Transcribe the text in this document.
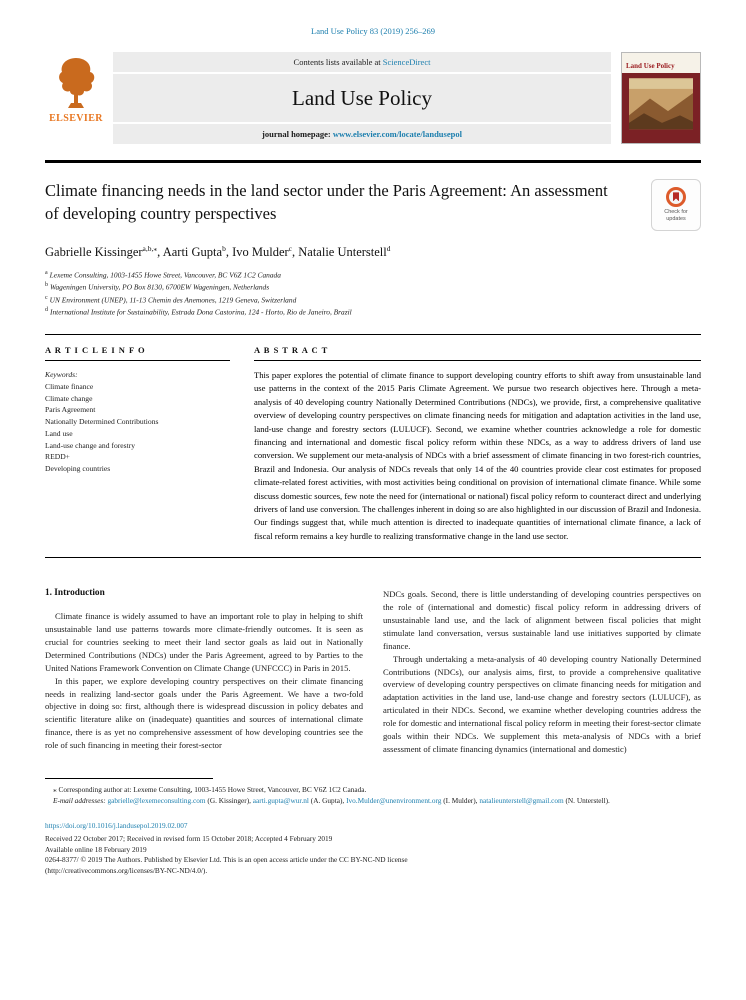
Land Use Policy 83 (2019) 256–269
ELSEVIER
Contents lists available at ScienceDirect
Land Use Policy
journal homepage: www.elsevier.com/locate/landusepol
Land Use Policy
Climate financing needs in the land sector under the Paris Agreement: An assessment of developing country perspectives	Check for
updates

Gabrielle Kissinger$^{a,b,⁎}$, Aarti Gupta$^b$, Ivo Mulder$^c$, Natalie Unterstell$^d$

$^a$ Lexeme Consulting, 1003-1455 Howe Street, Vancouver, BC V6Z 1C2 Canada
$^b$ Wageningen University, PO Box 8130, 6700EW Wageningen, Netherlands
$^c$ UN Environment (UNEP), 11-13 Chemin des Anemones, 1219 Geneva, Switzerland
$^d$ International Institute for Sustainability, Estrada Dona Castorina, 124 - Horto, Rio de Janeiro, Brazil
A R T I C L E I N F O
Keywords:
Climate finance
Climate change
Paris Agreement
Nationally Determined Contributions
Land use
Land-use change and forestry
REDD+
Developing countries
A B S T R A C T

This paper explores the potential of climate finance to support developing country efforts to shift away from unsustainable land use patterns in the context of the 2015 Paris Climate Agreement. We pursue two research objectives here. Through a meta-analysis of 40 developing country Nationally Determined Contributions (NDCs), we provide, first, a comprehensive qualitative overview of developing country perspectives on climate financing needs for mitigation and adaptation activities in the land use, land-use change and forestry sectors (LULUCF). Second, we examine whether countries acknowledge a role for domestic financing and international and domestic fiscal policy reform within these NDCs, as a way to address drivers of land use conversion. We supplement our meta-analysis of NDCs with a brief assessment of climate financing in two forest-rich countries, Brazil and Indonesia. Our analysis of NDCs reveals that only 14 of the 40 countries provide clear cost estimates for proposed climate-related forest activities, with most activities being conditional on provision of international climate finance. While some discuss domestic sources, few note the need for (international or national) fiscal policy reform to counteract direct and underlying drivers of land use conversion. The challenges inherent in doing so are also highlighted in our discussion of Brazil and Indonesia. Our findings suggest that, while much attention is directed to inadequate quantities of international climate finance, a lack of fiscal reform remains a key hurdle to realizing transformative change in the land use sector.

1. Introduction

Climate finance is widely assumed to have an important role to play in helping to shift unsustainable land use patterns towards more climate-friendly outcomes. It is seen as crucial for countries seeking to meet their land sector goals as laid out in Nationally Determined Contributions (NDCs) under the Paris Agreement, agreed to by Parties to the United Nations Framework Convention on Climate Change (UNFCCC) in Paris in 2015.

In this paper, we explore developing country perspectives on their climate financing needs in realizing land-sector goals under the Paris Agreement. We have a two-fold objective in doing so: first, although there is widespread discussion in policy debates and scientific literature alike on (inadequate) quantities and sources of international climate finance, there is as yet no comprehensive assessment of how developing countries see the role of such financing in meeting their forest-sector

NDCs goals. Second, there is little understanding of developing countries perspectives on the role of (international and domestic) fiscal policy reform in addressing drivers of unsustainable land use, and the lack of alignment between fiscal policies that might stimulate land conversation, versus sustainable land use initiatives supported by climate finance.

Through undertaking a meta-analysis of 40 developing country Nationally Determined Contributions (NDCs), our analysis aims, first, to provide a comprehensive qualitative overview of developing country perspectives on climate financing needs for mitigation and adaptation activities in the land use, land-use change and forestry sectors (LULUCF), as articulated in their NDCs. Second, we examine whether developing countries address the role for domestic and international fiscal policy reform in meeting their forest-sector climate goals within their NDCs. We supplement this meta-analysis of NDCs with a brief assessment of climate financing dynamics (international and domestic)

⁎ Corresponding author at: Lexeme Consulting, 1003-1455 Howe Street, Vancouver, BC V6Z 1C2 Canada.

E-mail addresses: gabrielle@lexemeconsulting.com (G. Kissinger), aarti.gupta@wur.nl (A. Gupta), Ivo.Mulder@unenvironment.org (I. Mulder), natalieunterstell@gmail.com (N. Unterstell).

https://doi.org/10.1016/j.landusepol.2019.02.007
Received 22 October 2017; Received in revised form 15 October 2018; Accepted 4 February 2019
Available online 18 February 2019
0264-8377/ © 2019 The Authors. Published by Elsevier Ltd. This is an open access article under the CC BY-NC-ND license
(http://creativecommons.org/licenses/BY-NC-ND/4.0/).
